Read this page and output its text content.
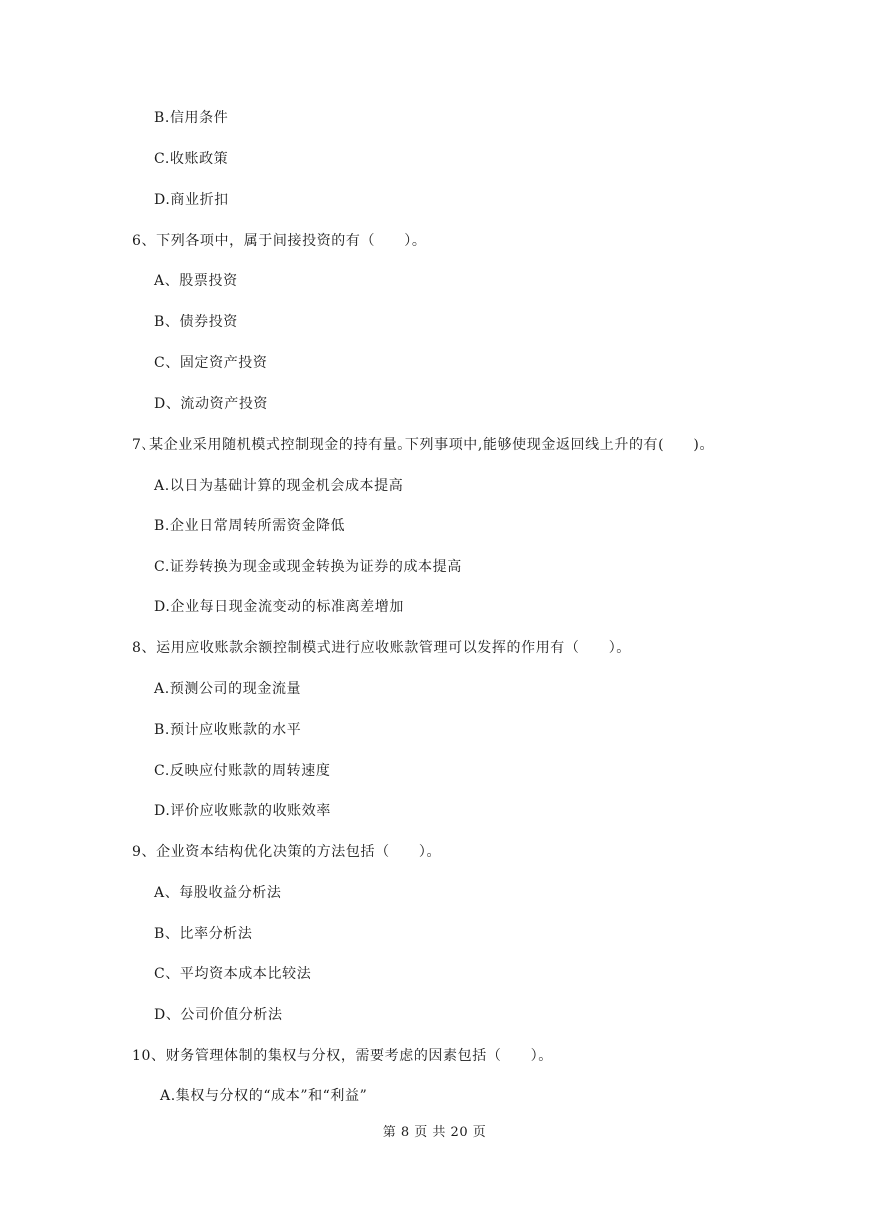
B.信用条件
C.收账政策
D.商业折扣
6、下列各项中，属于间接投资的有（　　）。
A、股票投资
B、债券投资
C、固定资产投资
D、流动资产投资
7､某企业采用随机模式控制现金的持有量｡下列事项中,能够使现金返回线上升的有(　　)｡
A.以日为基础计算的现金机会成本提高
B.企业日常周转所需资金降低
C.证券转换为现金或现金转换为证券的成本提高
D.企业每日现金流变动的标准离差增加
8、运用应收账款余额控制模式进行应收账款管理可以发挥的作用有（　　）。
A.预测公司的现金流量
B.预计应收账款的水平
C.反映应付账款的周转速度
D.评价应收账款的收账效率
9、企业资本结构优化决策的方法包括（　　）。
A、每股收益分析法
B、比率分析法
C、平均资本成本比较法
D、公司价值分析法
10、财务管理体制的集权与分权，需要考虑的因素包括（　　）。
A.集权与分权的“成本”和“利益”
第 8 页 共 20 页
